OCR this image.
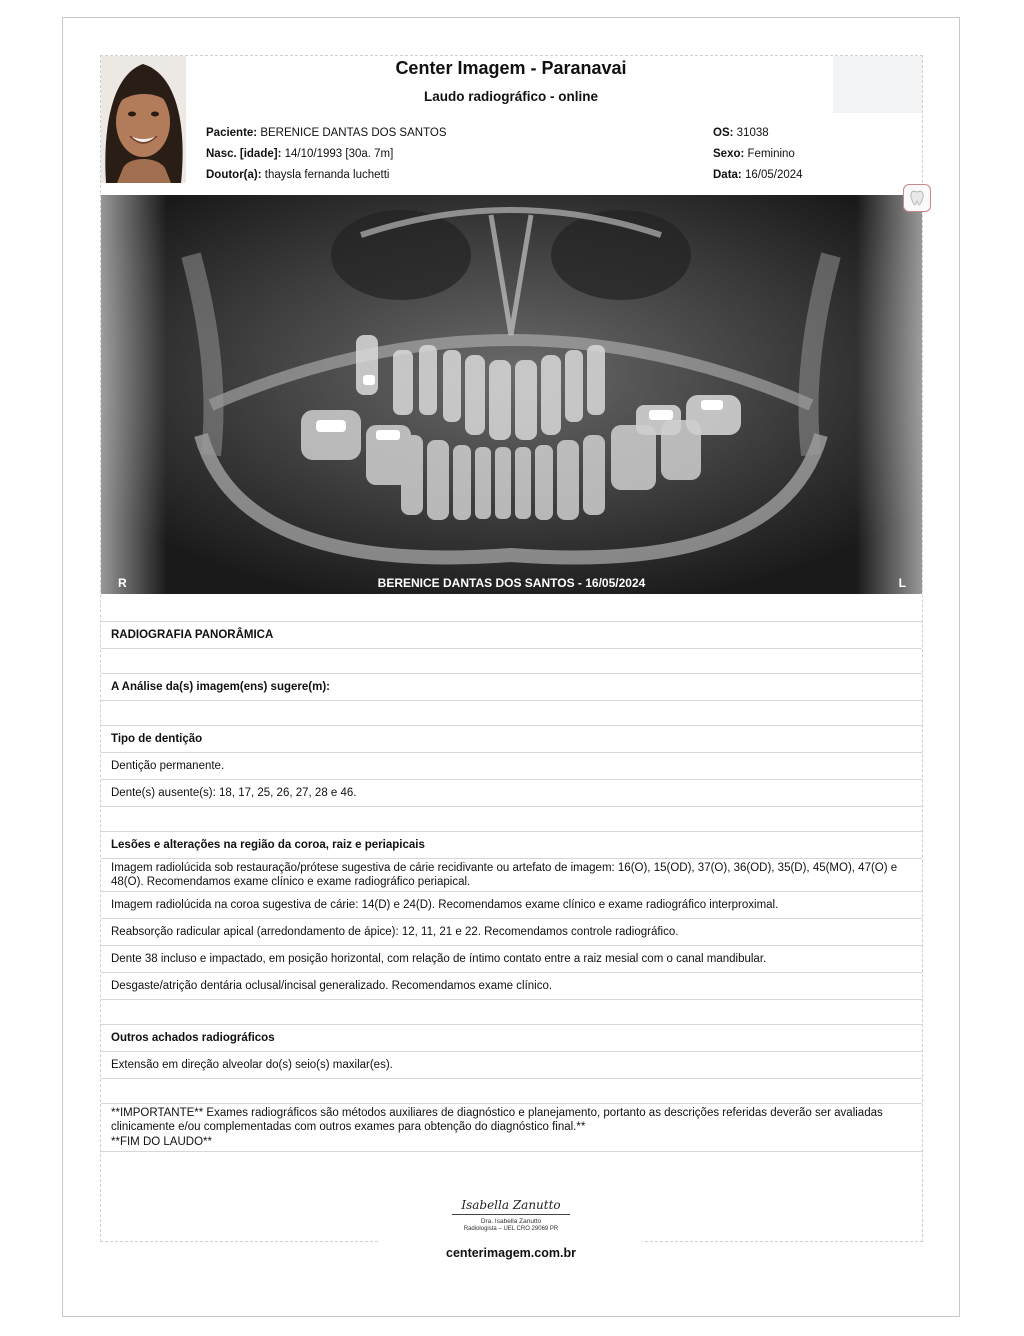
Center Imagem - Paranavai
Laudo radiográfico - online
Paciente: BERENICE DANTAS DOS SANTOS
Nasc. [idade]: 14/10/1993 [30a. 7m]
Doutor(a): thaysla fernanda luchetti
OS: 31038
Sexo: Feminino
Data: 16/05/2024
R	BERENICE DANTAS DOS SANTOS - 16/05/2024	L
RADIOGRAFIA PANORÂMICA
A Análise da(s) imagem(ens) sugere(m):
Tipo de dentição
Dentição permanente.
Dente(s) ausente(s): 18, 17, 25, 26, 27, 28 e 46.
Lesões e alterações na região da coroa, raiz e periapicais
Imagem radiolúcida sob restauração/prótese sugestiva de cárie recidivante ou artefato de imagem: 16(O), 15(OD), 37(O), 36(OD), 35(D), 45(MO), 47(O) e 48(O). Recomendamos exame clínico e exame radiográfico periapical.
Imagem radiolúcida na coroa sugestiva de cárie: 14(D) e 24(D). Recomendamos exame clínico e exame radiográfico interproximal.
Reabsorção radicular apical (arredondamento de ápice): 12, 11, 21 e 22. Recomendamos controle radiográfico.
Dente 38 incluso e impactado, em posição horizontal, com relação de íntimo contato entre a raiz mesial com o canal mandibular.
Desgaste/atrição dentária oclusal/incisal generalizado. Recomendamos exame clínico.
Outros achados radiográficos
Extensão em direção alveolar do(s) seio(s) maxilar(es).
**IMPORTANTE** Exames radiográficos são métodos auxiliares de diagnóstico e planejamento, portanto as descrições referidas deverão ser avaliadas clinicamente e/ou complementadas com outros exames para obtenção do diagnóstico final.**
**FIM DO LAUDO**
Isabella Zanutto
Dra. Isabella Zanutto
Radiologista – UEL CRO 29069 PR
centerimagem.com.br
